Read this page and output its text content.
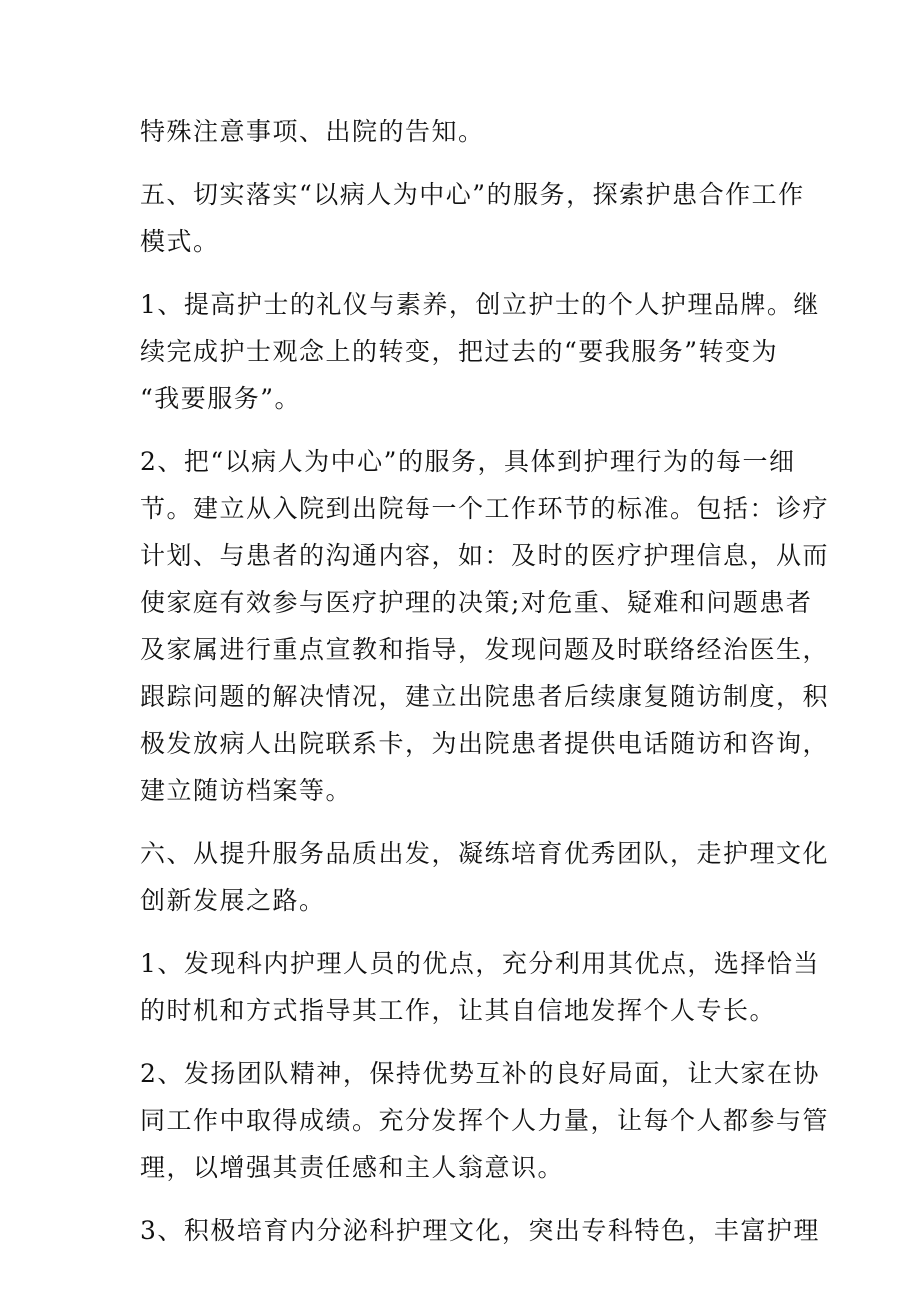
特殊注意事项、出院的告知。
五、切实落实“以病人为中心”的服务，探索护患合作工作
模式。
1、提高护士的礼仪与素养，创立护士的个人护理品牌。继
续完成护士观念上的转变，把过去的“要我服务”转变为
“我要服务”。
2、把“以病人为中心”的服务，具体到护理行为的每一细
节。建立从入院到出院每一个工作环节的标准。包括：诊疗
计划、与患者的沟通内容，如：及时的医疗护理信息，从而
使家庭有效参与医疗护理的决策;对危重、疑难和问题患者
及家属进行重点宣教和指导，发现问题及时联络经治医生，
跟踪问题的解决情况，建立出院患者后续康复随访制度，积
极发放病人出院联系卡，为出院患者提供电话随访和咨询，
建立随访档案等。
六、从提升服务品质出发，凝练培育优秀团队，走护理文化
创新发展之路。
1、发现科内护理人员的优点，充分利用其优点，选择恰当
的时机和方式指导其工作，让其自信地发挥个人专长。
2、发扬团队精神，保持优势互补的良好局面，让大家在协
同工作中取得成绩。充分发挥个人力量，让每个人都参与管
理，以增强其责任感和主人翁意识。
3、积极培育内分泌科护理文化，突出专科特色，丰富护理
